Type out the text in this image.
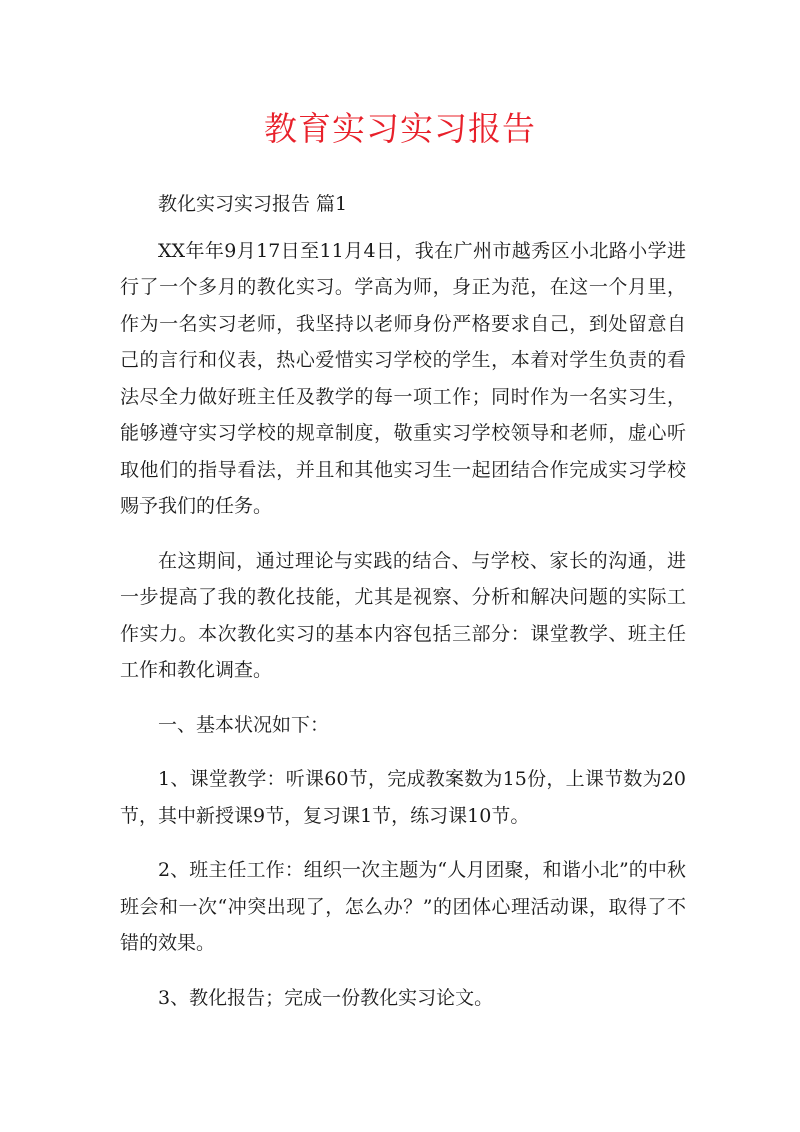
教育实习实习报告

教化实习实习报告 篇1

XX年年9月17日至11月4日，我在广州市越秀区小北路小学进行了一个多月的教化实习。学高为师，身正为范，在这一个月里，作为一名实习老师，我坚持以老师身份严格要求自己，到处留意自己的言行和仪表，热心爱惜实习学校的学生，本着对学生负责的看法尽全力做好班主任及教学的每一项工作；同时作为一名实习生，能够遵守实习学校的规章制度，敬重实习学校领导和老师，虚心听取他们的指导看法，并且和其他实习生一起团结合作完成实习学校赐予我们的任务。

在这期间，通过理论与实践的结合、与学校、家长的沟通，进一步提高了我的教化技能，尤其是视察、分析和解决问题的实际工作实力。本次教化实习的基本内容包括三部分：课堂教学、班主任工作和教化调查。

一、基本状况如下：

1、课堂教学：听课60节，完成教案数为15份，上课节数为20节，其中新授课9节，复习课1节，练习课10节。

2、班主任工作：组织一次主题为“人月团聚，和谐小北”的中秋班会和一次“冲突出现了，怎么办？”的团体心理活动课，取得了不错的效果。

3、教化报告；完成一份教化实习论文。
